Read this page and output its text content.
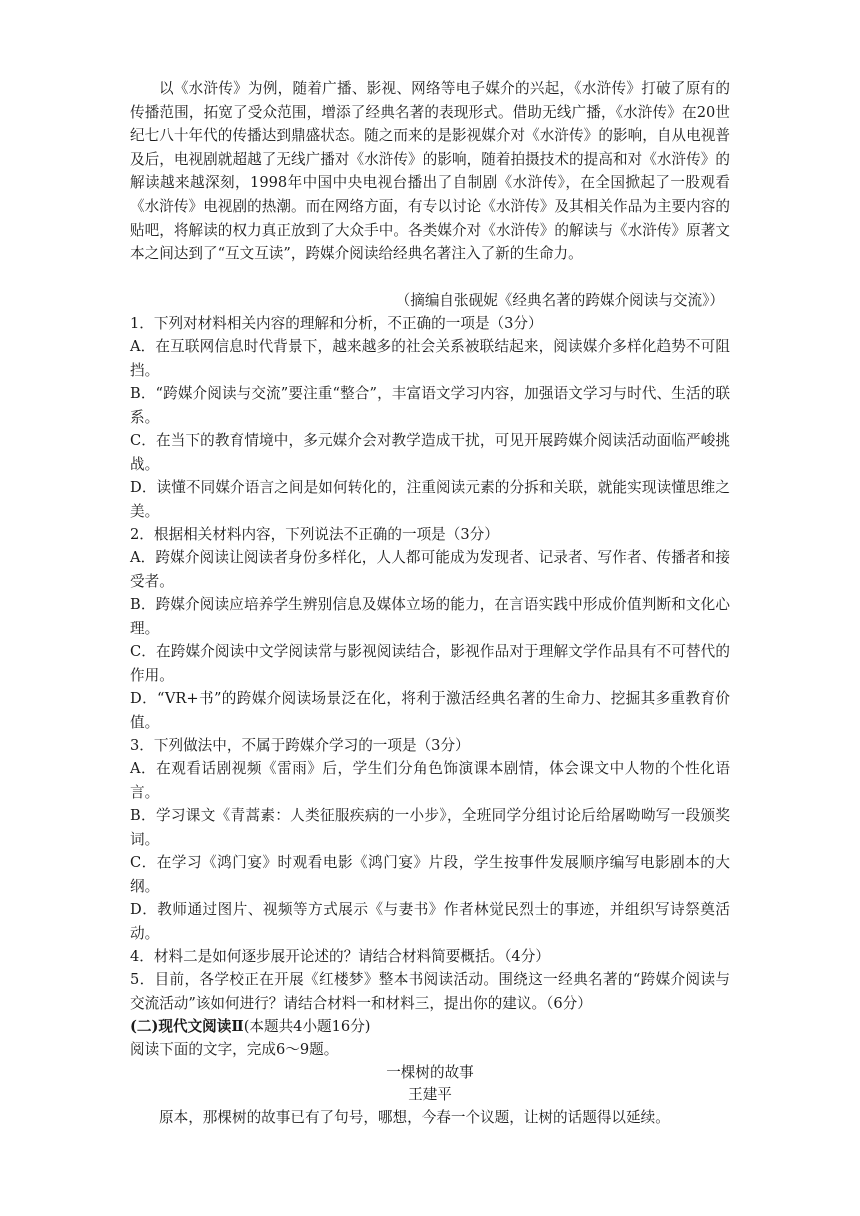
以《水浒传》为例，随着广播、影视、网络等电子媒介的兴起，《水浒传》打破了原有的传播范围，拓宽了受众范围，增添了经典名著的表现形式。借助无线广播，《水浒传》在20世纪七八十年代的传播达到鼎盛状态。随之而来的是影视媒介对《水浒传》的影响，自从电视普及后，电视剧就超越了无线广播对《水浒传》的影响，随着拍摄技术的提高和对《水浒传》的解读越来越深刻，1998年中国中央电视台播出了自制剧《水浒传》，在全国掀起了一股观看《水浒传》电视剧的热潮。而在网络方面，有专以讨论《水浒传》及其相关作品为主要内容的贴吧，将解读的权力真正放到了大众手中。各类媒介对《水浒传》的解读与《水浒传》原著文本之间达到了“互文互读”，跨媒介阅读给经典名著注入了新的生命力。

（摘编自张砚妮《经典名著的跨媒介阅读与交流》）

1．下列对材料相关内容的理解和分析，不正确的一项是（3分）

A．在互联网信息时代背景下，越来越多的社会关系被联结起来，阅读媒介多样化趋势不可阻挡。

B．“跨媒介阅读与交流”要注重“整合”，丰富语文学习内容，加强语文学习与时代、生活的联系。

C．在当下的教育情境中，多元媒介会对教学造成干扰，可见开展跨媒介阅读活动面临严峻挑战。

D．读懂不同媒介语言之间是如何转化的，注重阅读元素的分拆和关联，就能实现读懂思维之美。

2．根据相关材料内容，下列说法不正确的一项是（3分）

A．跨媒介阅读让阅读者身份多样化，人人都可能成为发现者、记录者、写作者、传播者和接受者。

B．跨媒介阅读应培养学生辨别信息及媒体立场的能力，在言语实践中形成价值判断和文化心理。

C．在跨媒介阅读中文学阅读常与影视阅读结合，影视作品对于理解文学作品具有不可替代的作用。

D．“VR+书”的跨媒介阅读场景泛在化，将利于激活经典名著的生命力、挖掘其多重教育价值。

3．下列做法中，不属于跨媒介学习的一项是（3分）

A．在观看话剧视频《雷雨》后，学生们分角色饰演课本剧情，体会课文中人物的个性化语言。

B．学习课文《青蒿素：人类征服疾病的一小步》，全班同学分组讨论后给屠呦呦写一段颁奖词。

C．在学习《鸿门宴》时观看电影《鸿门宴》片段，学生按事件发展顺序编写电影剧本的大纲。

D．教师通过图片、视频等方式展示《与妻书》作者林觉民烈士的事迹，并组织写诗祭奠活动。

4．材料二是如何逐步展开论述的？请结合材料简要概括。（4分）

5．目前，各学校正在开展《红楼梦》整本书阅读活动。围绕这一经典名著的“跨媒介阅读与交流活动”该如何进行？请结合材料一和材料三，提出你的建议。（6分）

(二)现代文阅读Ⅱ(本题共4小题16分)

阅读下面的文字，完成6～9题。

一棵树的故事

王建平

原本，那棵树的故事已有了句号，哪想，今春一个议题，让树的话题得以延续。
